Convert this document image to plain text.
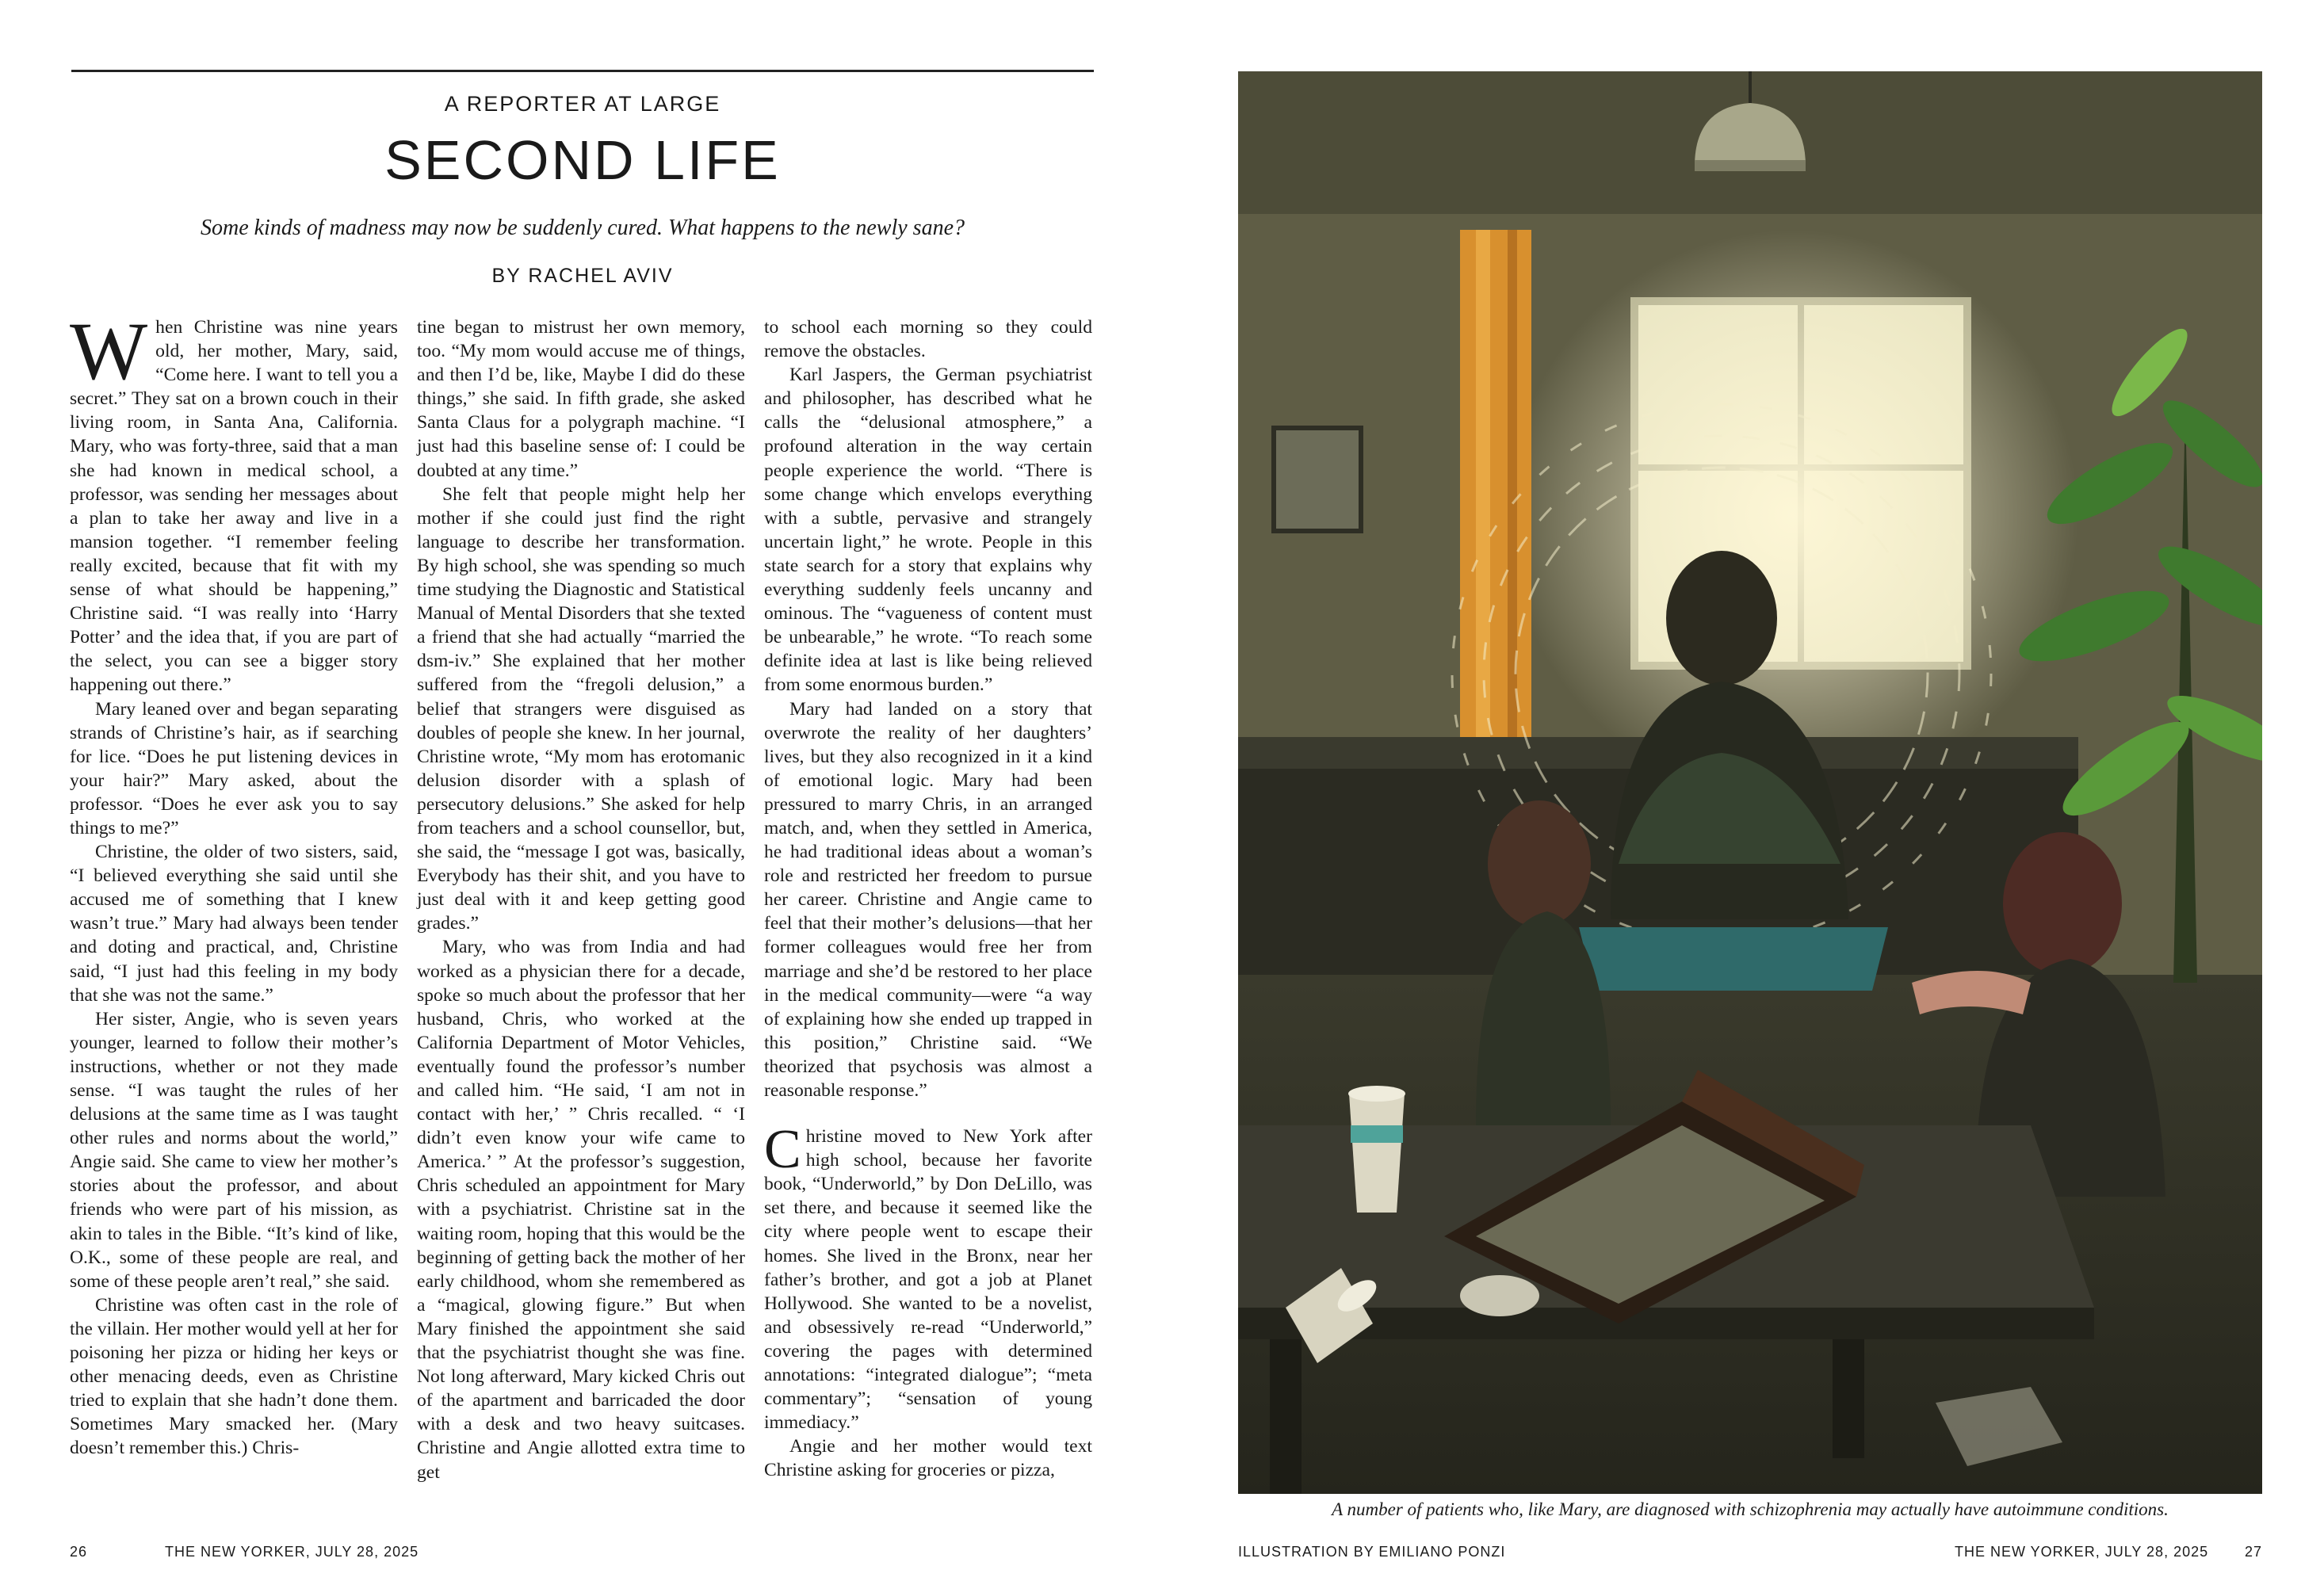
A REPORTER AT LARGE
SECOND LIFE
Some kinds of madness may now be suddenly cured. What happens to the newly sane?
BY RACHEL AVIV

When Christine was nine years old, her mother, Mary, said, “Come here. I want to tell you a secret.” They sat on a brown couch in their living room, in Santa Ana, California. Mary, who was forty-three, said that a man she had known in medical school, a professor, was sending her messages about a plan to take her away and live in a mansion together. “I remember feeling really excited, because that fit with my sense of what should be happening,” Christine said. “I was really into ‘Harry Potter’ and the idea that, if you are part of the select, you can see a bigger story happening out there.”

Mary leaned over and began separating strands of Christine’s hair, as if searching for lice. “Does he put listening devices in your hair?” Mary asked, about the professor. “Does he ever ask you to say things to me?”

Christine, the older of two sisters, said, “I believed everything she said until she accused me of something that I knew wasn’t true.” Mary had always been tender and doting and practical, and, Christine said, “I just had this feeling in my body that she was not the same.”

Her sister, Angie, who is seven years younger, learned to follow their mother’s instructions, whether or not they made sense. “I was taught the rules of her delusions at the same time as I was taught other rules and norms about the world,” Angie said. She came to view her mother’s stories about the professor, and about friends who were part of his mission, as akin to tales in the Bible. “It’s kind of like, O.K., some of these people are real, and some of these people aren’t real,” she said.

Christine was often cast in the role of the villain. Her mother would yell at her for poisoning her pizza or hiding her keys or other menacing deeds, even as Christine tried to explain that she hadn’t done them. Sometimes Mary smacked her. (Mary doesn’t remember this.) Chris-

tine began to mistrust her own memory, too. “My mom would accuse me of things, and then I’d be, like, Maybe I did do these things,” she said. In fifth grade, she asked Santa Claus for a polygraph machine. “I just had this baseline sense of: I could be doubted at any time.”

She felt that people might help her mother if she could just find the right language to describe her transformation. By high school, she was spending so much time studying the Diagnostic and Statistical Manual of Mental Disorders that she texted a friend that she had actually “married the dsm-iv.” She explained that her mother suffered from the “fregoli delusion,” a belief that strangers were disguised as doubles of people she knew. In her journal, Christine wrote, “My mom has erotomanic delusion disorder with a splash of persecutory delusions.” She asked for help from teachers and a school counsellor, but, she said, the “message I got was, basically, Everybody has their shit, and you have to just deal with it and keep getting good grades.”

Mary, who was from India and had worked as a physician there for a decade, spoke so much about the professor that her husband, Chris, who worked at the California Department of Motor Vehicles, eventually found the professor’s number and called him. “He said, ‘I am not in contact with her,’ ” Chris recalled. “ ‘I didn’t even know your wife came to America.’ ” At the professor’s suggestion, Chris scheduled an appointment for Mary with a psychiatrist. Christine sat in the waiting room, hoping that this would be the beginning of getting back the mother of her early childhood, whom she remembered as a “magical, glowing figure.” But when Mary finished the appointment she said that the psychiatrist thought she was fine. Not long afterward, Mary kicked Chris out of the apartment and barricaded the door with a desk and two heavy suitcases. Christine and Angie allotted extra time to get

to school each morning so they could remove the obstacles.

Karl Jaspers, the German psychiatrist and philosopher, has described what he calls the “delusional atmosphere,” a profound alteration in the way certain people experience the world. “There is some change which envelops everything with a subtle, pervasive and strangely uncertain light,” he wrote. People in this state search for a story that explains why everything suddenly feels uncanny and ominous. The “vagueness of content must be unbearable,” he wrote. “To reach some definite idea at last is like being relieved from some enormous burden.”

Mary had landed on a story that overwrote the reality of her daughters’ lives, but they also recognized in it a kind of emotional logic. Mary had been pressured to marry Chris, in an arranged match, and, when they settled in America, he had traditional ideas about a woman’s role and restricted her freedom to pursue her career. Christine and Angie came to feel that their mother’s delusions—that her former colleagues would free her from marriage and she’d be restored to her place in the medical community—were “a way of explaining how she ended up trapped in this position,” Christine said. “We theorized that psychosis was almost a reasonable response.”

Christine moved to New York after high school, because her favorite book, “Underworld,” by Don DeLillo, was set there, and because it seemed like the city where people went to escape their homes. She lived in the Bronx, near her father’s brother, and got a job at Planet Hollywood. She wanted to be a novelist, and obsessively re-read “Underworld,” covering the pages with determined annotations: “integrated dialogue”; “meta commentary”; “sensation of young immediacy.”

Angie and her mother would text Christine asking for groceries or pizza,

26	THE NEW YORKER, JULY 28, 2025
A number of patients who, like Mary, are diagnosed with schizophrenia may actually have autoimmune conditions.
ILLUSTRATION BY EMILIANO PONZI	THE NEW YORKER, JULY 28, 2025	27
